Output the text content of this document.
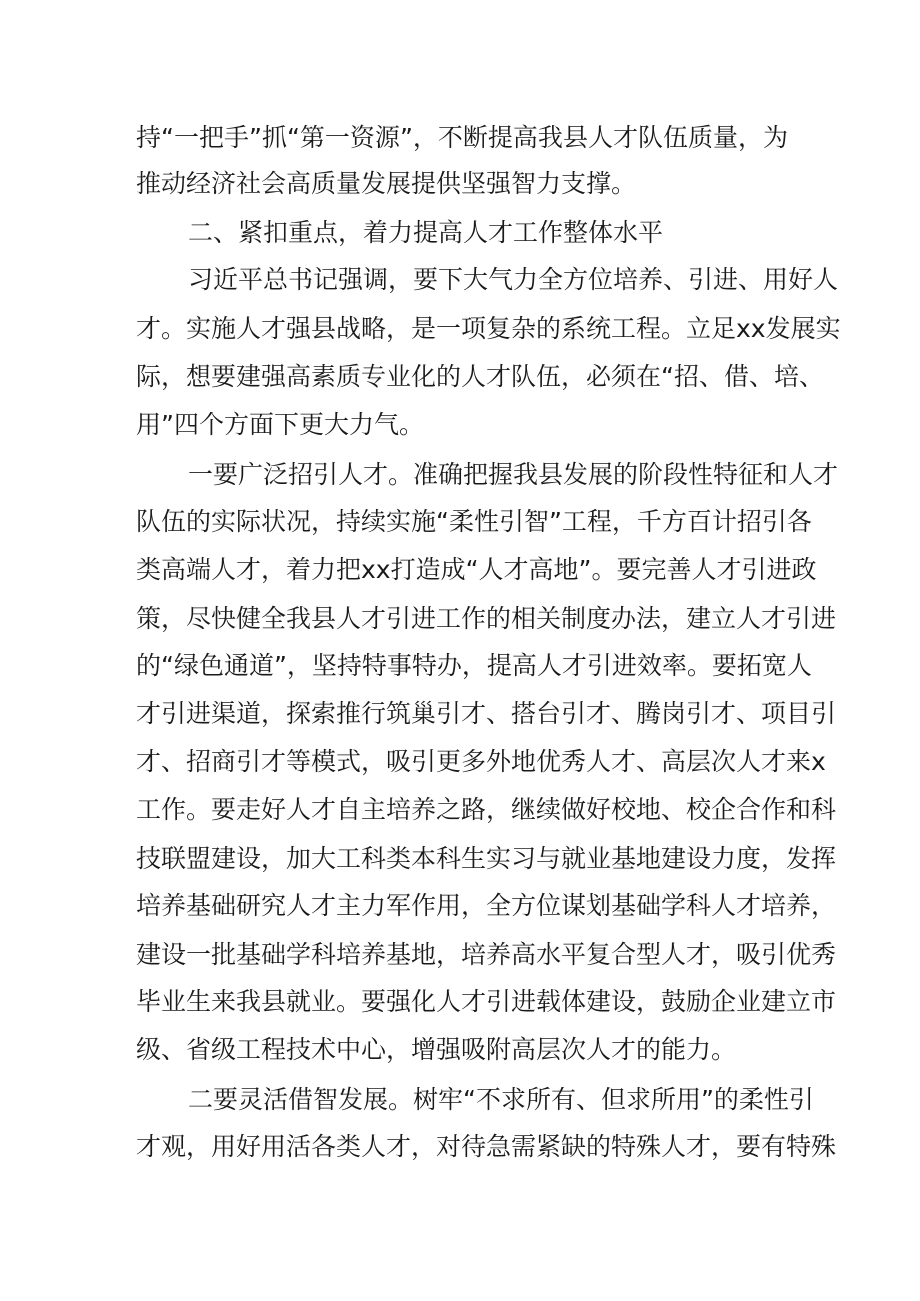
持“一把手”抓“第一资源”，不断提高我县人才队伍质量，为
推动经济社会高质量发展提供坚强智力支撑。
二、紧扣重点，着力提高人才工作整体水平
习近平总书记强调，要下大气力全方位培养、引进、用好人
才。实施人才强县战略，是一项复杂的系统工程。立足xx发展实
际，想要建强高素质专业化的人才队伍，必须在“招、借、培、
用”四个方面下更大力气。
一要广泛招引人才。准确把握我县发展的阶段性特征和人才
队伍的实际状况，持续实施“柔性引智”工程，千方百计招引各
类高端人才，着力把xx打造成“人才高地”。要完善人才引进政
策，尽快健全我县人才引进工作的相关制度办法，建立人才引进
的“绿色通道”，坚持特事特办，提高人才引进效率。要拓宽人
才引进渠道，探索推行筑巢引才、搭台引才、腾岗引才、项目引
才、招商引才等模式，吸引更多外地优秀人才、高层次人才来x
工作。要走好人才自主培养之路，继续做好校地、校企合作和科
技联盟建设，加大工科类本科生实习与就业基地建设力度，发挥
培养基础研究人才主力军作用，全方位谋划基础学科人才培养，
建设一批基础学科培养基地，培养高水平复合型人才，吸引优秀
毕业生来我县就业。要强化人才引进载体建设，鼓励企业建立市
级、省级工程技术中心，增强吸附高层次人才的能力。
二要灵活借智发展。树牢“不求所有、但求所用”的柔性引
才观，用好用活各类人才，对待急需紧缺的特殊人才，要有特殊
